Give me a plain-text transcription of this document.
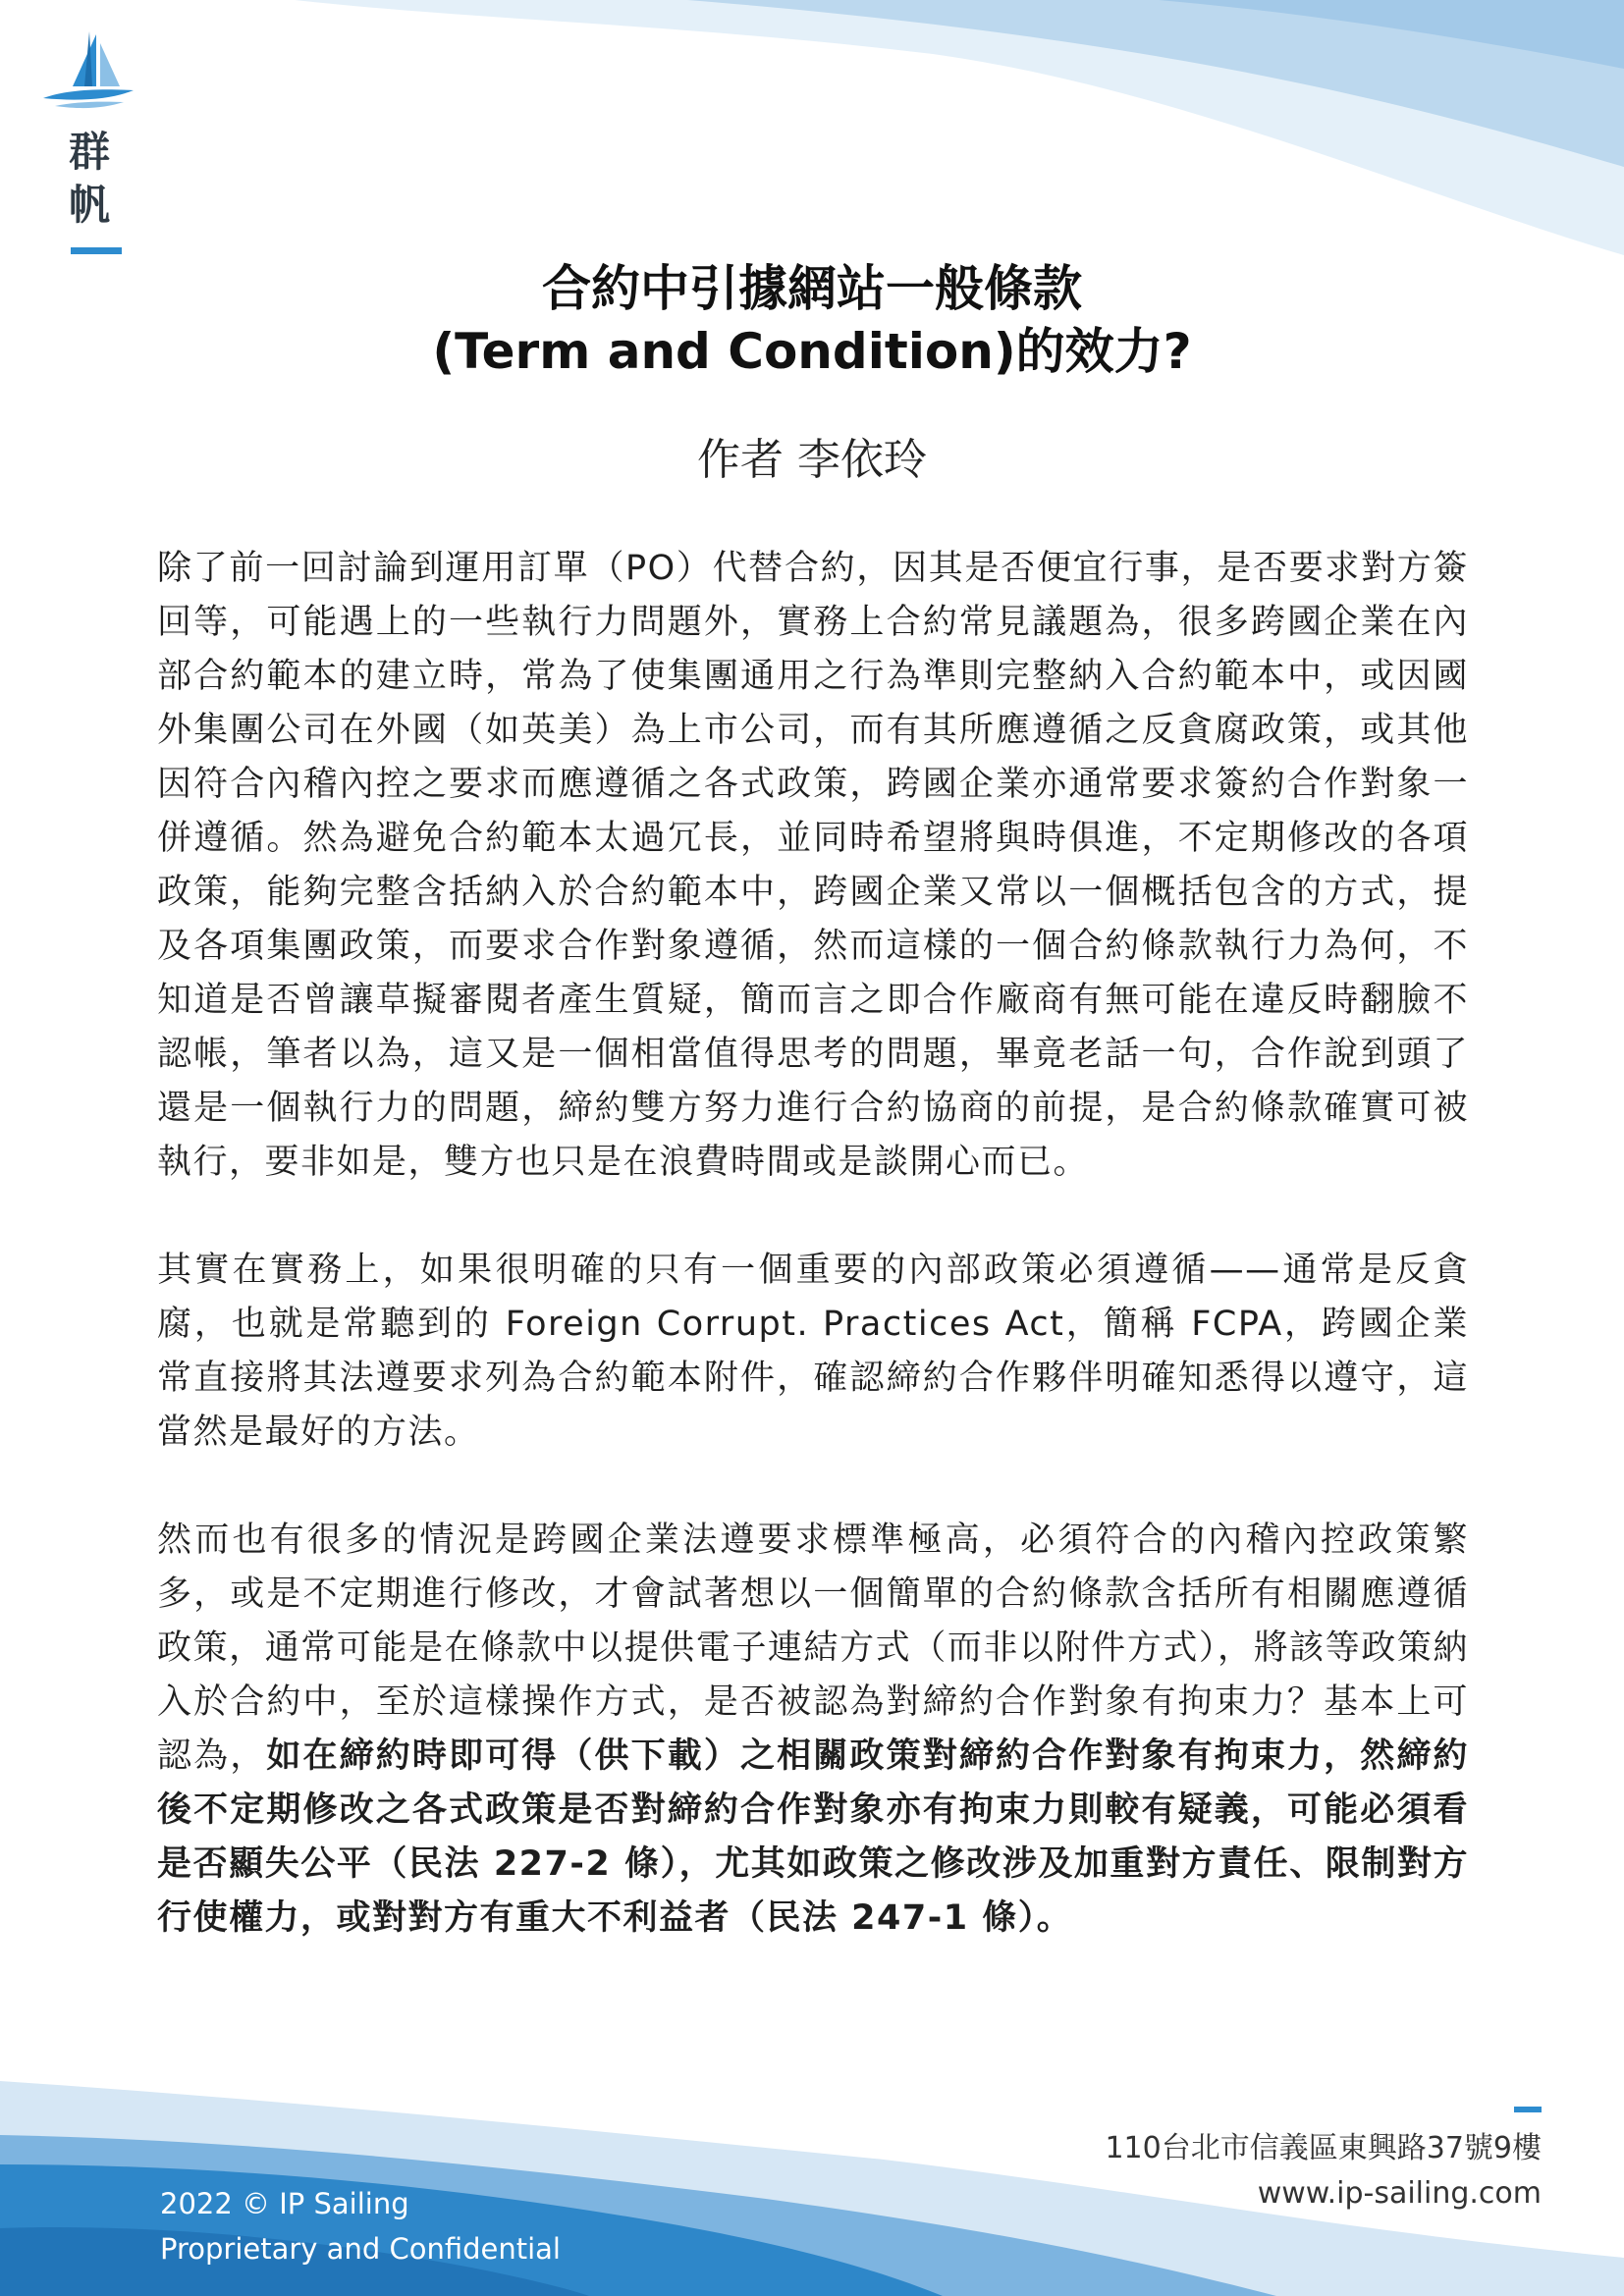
群帆
合約中引據網站一般條款
(Term and Condition)的效力?
作者 李依玲

除了前一回討論到運用訂單（PO）代替合約，因其是否便宜行事，是否要求對方簽回等，可能遇上的一些執行力問題外，實務上合約常見議題為，很多跨國企業在內部合約範本的建立時，常為了使集團通用之行為準則完整納入合約範本中，或因國外集團公司在外國（如英美）為上市公司，而有其所應遵循之反貪腐政策，或其他因符合內稽內控之要求而應遵循之各式政策，跨國企業亦通常要求簽約合作對象一併遵循。然為避免合約範本太過冗長，並同時希望將與時俱進，不定期修改的各項政策，能夠完整含括納入於合約範本中，跨國企業又常以一個概括包含的方式，提及各項集團政策，而要求合作對象遵循，然而這樣的一個合約條款執行力為何，不知道是否曾讓草擬審閱者產生質疑，簡而言之即合作廠商有無可能在違反時翻臉不認帳，筆者以為，這又是一個相當值得思考的問題，畢竟老話一句，合作說到頭了還是一個執行力的問題，締約雙方努力進行合約協商的前提，是合約條款確實可被執行，要非如是，雙方也只是在浪費時間或是談開心而已。

其實在實務上，如果很明確的只有一個重要的內部政策必須遵循——通常是反貪腐，也就是常聽到的 Foreign Corrupt. Practices Act，簡稱 FCPA，跨國企業常直接將其法遵要求列為合約範本附件，確認締約合作夥伴明確知悉得以遵守，這當然是最好的方法。

然而也有很多的情況是跨國企業法遵要求標準極高，必須符合的內稽內控政策繁多，或是不定期進行修改，才會試著想以一個簡單的合約條款含括所有相關應遵循政策，通常可能是在條款中以提供電子連結方式（而非以附件方式），將該等政策納入於合約中，至於這樣操作方式，是否被認為對締約合作對象有拘束力？基本上可認為，如在締約時即可得（供下載）之相關政策對締約合作對象有拘束力，然締約後不定期修改之各式政策是否對締約合作對象亦有拘束力則較有疑義，可能必須看是否顯失公平（民法 227-2 條），尤其如政策之修改涉及加重對方責任、限制對方行使權力，或對對方有重大不利益者（民法 247-1 條）。

110台北市信義區東興路37號9樓
www.ip-sailing.com
2022 © IP Sailing
Proprietary and Confidential
